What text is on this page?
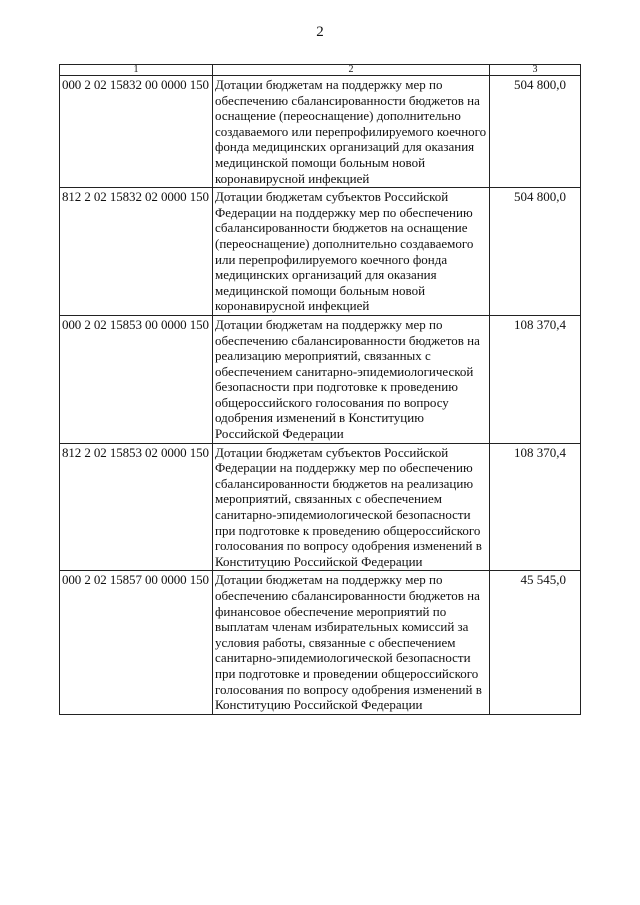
2
1	2	3
000 2 02 15832 00 0000 150	Дотации бюджетам на поддержку мер по обеспечению сбалансированности бюджетов на оснащение (переоснащение) дополнительно создаваемого или перепрофилируемого коечного фонда медицинских организаций для оказания медицинской помощи больным новой коронавирусной инфекцией	504 800,0
812 2 02 15832 02 0000 150	Дотации бюджетам субъектов Российской Федерации на поддержку мер по обеспечению сбалансированности бюджетов на оснащение (переоснащение) дополнительно создаваемого или перепрофилируемого коечного фонда медицинских организаций для оказания медицинской помощи больным новой коронавирусной инфекцией	504 800,0
000 2 02 15853 00 0000 150	Дотации бюджетам на поддержку мер по обеспечению сбалансированности бюджетов на реализацию мероприятий, связанных с обеспечением санитарно-эпидемиологической безопасности при подготовке к проведению общероссийского голосования по вопросу одобрения изменений в Конституцию Российской Федерации	108 370,4
812 2 02 15853 02 0000 150	Дотации бюджетам субъектов Российской Федерации на поддержку мер по обеспечению сбалансированности бюджетов на реализацию мероприятий, связанных с обеспечением санитарно-эпидемиологической безопасности при подготовке к проведению общероссийского голосования по вопросу одобрения изменений в Конституцию Российской Федерации	108 370,4
000 2 02 15857 00 0000 150	Дотации бюджетам на поддержку мер по обеспечению сбалансированности бюджетов на финансовое обеспечение мероприятий по выплатам членам избирательных комиссий за условия работы, связанные с обеспечением санитарно-эпидемиологической безопасности при подготовке и проведении общероссийского голосования по вопросу одобрения изменений в Конституцию Российской Федерации	45 545,0
